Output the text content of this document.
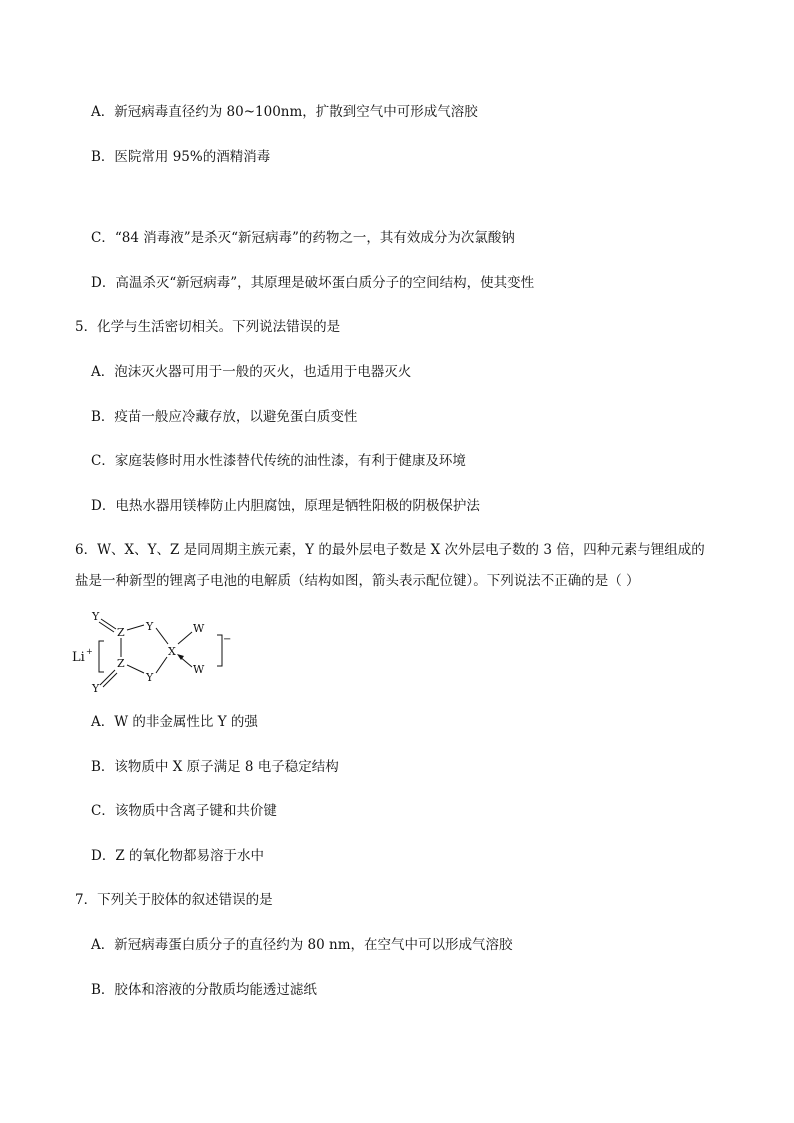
A．新冠病毒直径约为 80~100nm，扩散到空气中可形成气溶胶
B．医院常用 95%的酒精消毒
C．“84 消毒液”是杀灭“新冠病毒”的药物之一，其有效成分为次氯酸钠
D．高温杀灭“新冠病毒”，其原理是破坏蛋白质分子的空间结构，使其变性
5．化学与生活密切相关。下列说法错误的是
A．泡沫灭火器可用于一般的灭火，也适用于电器灭火
B．疫苗一般应冷藏存放，以避免蛋白质变性
C．家庭装修时用水性漆替代传统的油性漆，有利于健康及环境
D．电热水器用镁棒防止内胆腐蚀，原理是牺牲阳极的阴极保护法
6．W、X、Y、Z 是同周期主族元素，Y 的最外层电子数是 X 次外层电子数的 3 倍，四种元素与锂组成的
盐是一种新型的锂离子电池的电解质（结构如图，箭头表示配位键）。下列说法不正确的是（ ）
Li +
−
Y
Z Y
X
W
Z	W
Y
Y
A．W 的非金属性比 Y 的强
B．该物质中 X 原子满足 8 电子稳定结构
C．该物质中含离子键和共价键
D．Z 的氧化物都易溶于水中
7．下列关于胶体的叙述错误的是
A．新冠病毒蛋白质分子的直径约为 80 nm，在空气中可以形成气溶胶
B．胶体和溶液的分散质均能透过滤纸
